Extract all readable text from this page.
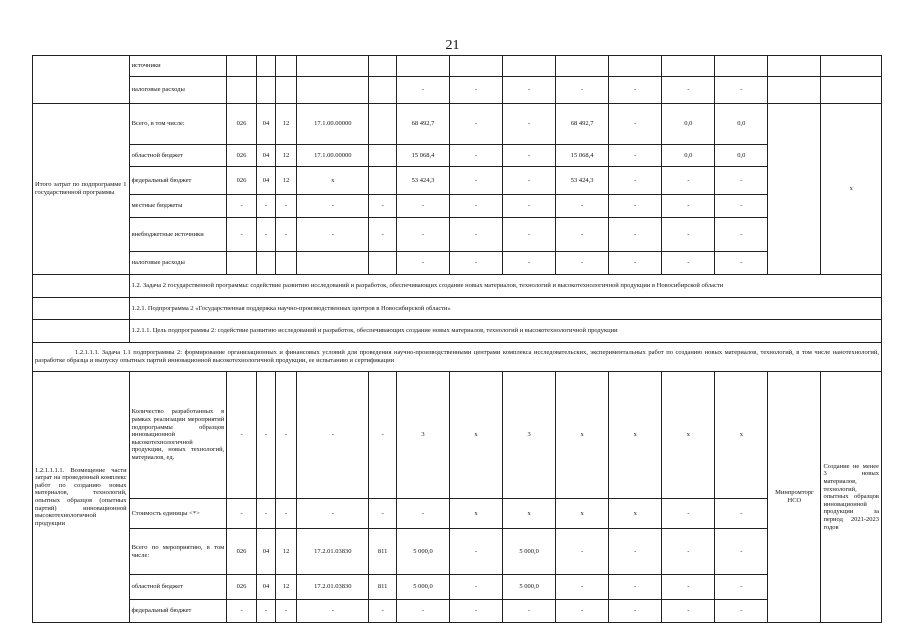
21
	источники														
	налоговые расходы						-	-	-	-	-	-	-		
Итого затрат по подпрограмме 1 государственной программы	Всего, в том числе:	026	04	12	17.1.00.00000		68 492,7	-	-	68 492,7	-	0,0	0,0		х
	областной бюджет	026	04	12	17.1.00.00000		15 068,4	-	-	15 068,4	-	0,0	0,0		
	федеральный бюджет	026	04	12	х		53 424,3	-	-	53 424,3	-	-	-		
	местные бюджеты	-	-	-	-	-	-	-	-	-	-	-	-		
	внебюджетные источники	-	-	-	-	-	-	-	-	-	-	-	-		
	налоговые расходы						-	-	-	-	-	-	-		
	1.2. Задача 2 государственной программы: содействие развитию исследований и разработок, обеспечивающих создание новых материалов, технологий и высокотехнологичной продукции в Новосибирской области														
	1.2.1. Подпрограмма 2 «Государственная поддержка научно-производственных центров в Новосибирской области»														
	1.2.1.1. Цель подпрограммы 2: содействие развитию исследований и разработок, обеспечивающих создание новых материалов, технологий и высокотехнологичной продукции														
1.2.1.1.1. Задача 1.1 подпрограммы 2: формирование организационных и финансовых условий для проведения научно-производственными центрами комплекса исследовательских, экспериментальных работ по созданию новых материалов, технологий, в том числе нанотехнологий, разработке образца и выпуску опытных партий инновационной высокотехнологичной продукции, ее испытанию и сертификации															
1.2.1.1.1.1. Возмещение части затрат на проведенный комплекс работ по созданию новых материалов, технологий, опытных образцов (опытных партий) инновационной высокотехнологичной продукции	Количество разработанных в рамках реализации мероприятий подпрограммы образцов инновационной высокотехнологичной продукции, новых технологий, материалов, ед.	-	-	-	-	-	3	х	3	х	х	х	х	Минпромторг НСО	Создание не менее 3 новых материалов, технологий, опытных образцов инновационной продукции за период 2021-2023 годов
	Стоимость единицы <*>	-	-	-	-	-	-	х	х	х	х	-	-		
	Всего по мероприятию, в том числе:	026	04	12	17.2.01.03830	811	5 000,0	-	5 000,0	-	-	-	-		
	областной бюджет	026	04	12	17.2.01.03830	811	5 000,0	-	5 000,0	-	-	-	-		
	федеральный бюджет	-	-	-	-	-	-	-	-	-	-	-	-		
